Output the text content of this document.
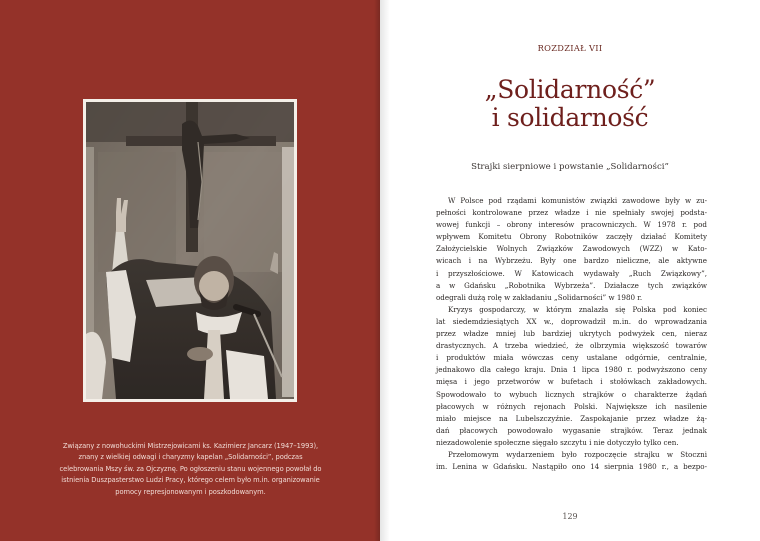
Związany z nowohuckimi Mistrzejowicami ks. Kazimierz Jancarz (1947–1993),
znany z wielkiej odwagi i charyzmy kapelan „Solidarności”, podczas
celebrowania Mszy św. za Ojczyznę. Po ogłoszeniu stanu wojennego powołał do
istnienia Duszpasterstwo Ludzi Pracy, którego celem było m.in. organizowanie
pomocy represjonowanym i poszkodowanym.
ROZDZIAŁ VII
„Solidarność”
i solidarność
Strajki sierpniowe i powstanie „Solidarności”
W Polsce pod rządami komunistów związki zawodowe były w zu-
pełności kontrolowane przez władze i nie spełniały swojej podsta-
wowej funkcji – obrony interesów pracowniczych. W 1978 r. pod
wpływem Komitetu Obrony Robotników zaczęły działać Komitety
Założycielskie Wolnych Związków Zawodowych (WZZ) w Kato-
wicach i na Wybrzeżu. Były one bardzo nieliczne, ale aktywne
i przyszłościowe. W Katowicach wydawały „Ruch Związkowy”,
a w Gdańsku „Robotnika Wybrzeża”. Działacze tych związków
odegrali dużą rolę w zakładaniu „Solidarności” w 1980 r.
Kryzys gospodarczy, w którym znalazła się Polska pod koniec
lat siedemdziesiątych XX w., doprowadził m.in. do wprowadzania
przez władze mniej lub bardziej ukrytych podwyżek cen, nieraz
drastycznych. A trzeba wiedzieć, że olbrzymia większość towarów
i produktów miała wówczas ceny ustalane odgórnie, centralnie,
jednakowo dla całego kraju. Dnia 1 lipca 1980 r. podwyższono ceny
mięsa i jego przetworów w bufetach i stołówkach zakładowych.
Spowodowało to wybuch licznych strajków o charakterze żądań
płacowych w różnych rejonach Polski. Największe ich nasilenie
miało miejsce na Lubelszczyźnie. Zaspokajanie przez władze żą-
dań płacowych powodowało wygasanie strajków. Teraz jednak
niezadowolenie społeczne sięgało szczytu i nie dotyczyło tylko cen.
Przełomowym wydarzeniem było rozpoczęcie strajku w Stoczni
im. Lenina w Gdańsku. Nastąpiło ono 14 sierpnia 1980 r., a bezpo-
129
